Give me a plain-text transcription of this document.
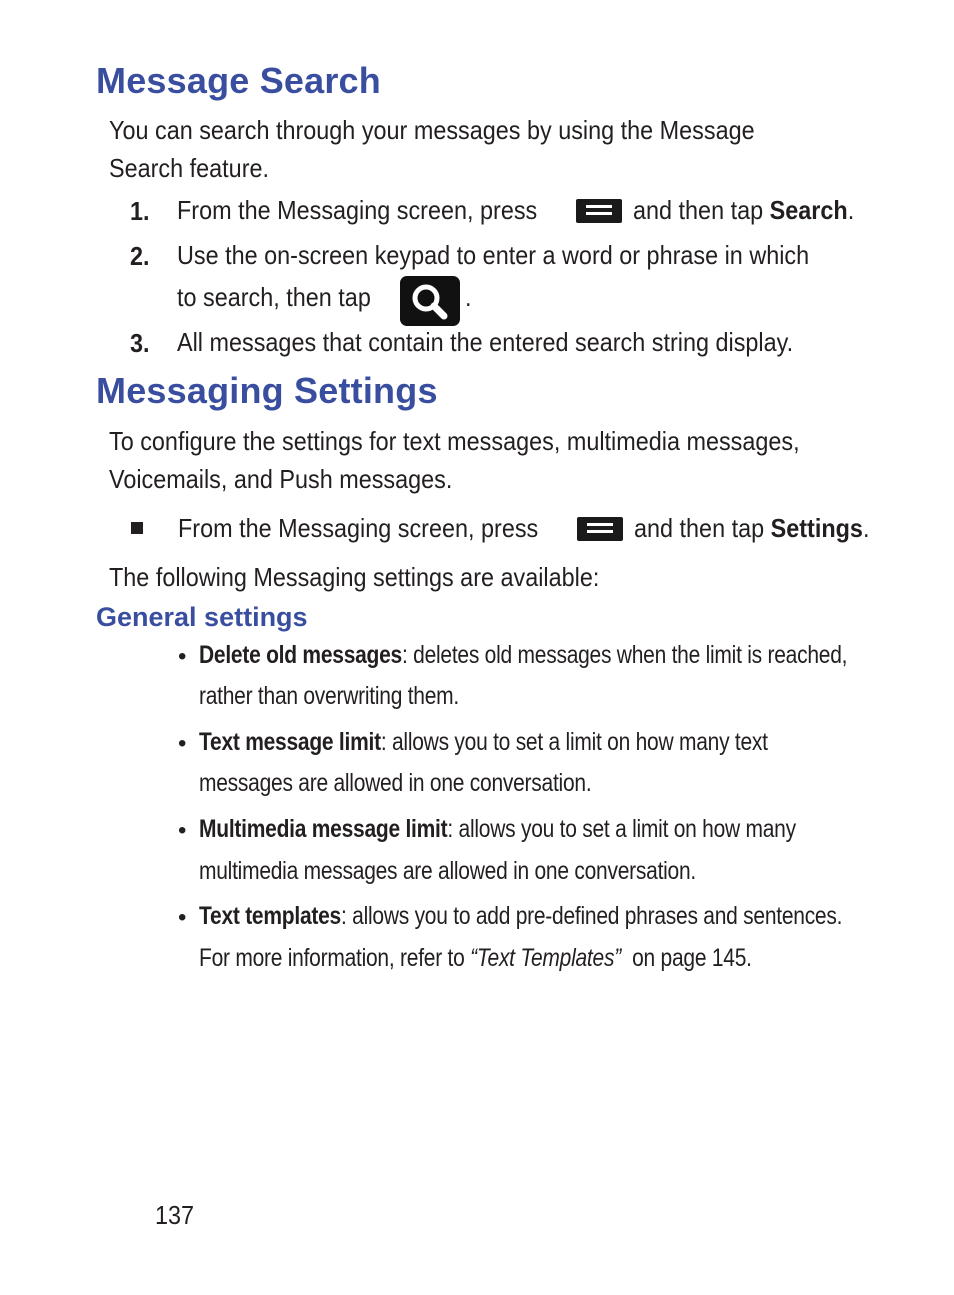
Message Search
You can search through your messages by using the Message
Search feature.
1. From the Messaging screen, press	and then tap Search.
2. Use the on-screen keypad to enter a word or phrase in which
to search, then tap	.
3. All messages that contain the entered search string display.
Messaging Settings
To configure the settings for text messages, multimedia messages,
Voicemails, and Push messages.
From the Messaging screen, press	and then tap Settings.
The following Messaging settings are available:
General settings
• Delete old messages: deletes old messages when the limit is reached,
rather than overwriting them.
• Text message limit: allows you to set a limit on how many text
messages are allowed in one conversation.
• Multimedia message limit: allows you to set a limit on how many
multimedia messages are allowed in one conversation.
• Text templates: allows you to add pre-defined phrases and sentences.
For more information, refer to “Text Templates”  on page 145.
137
